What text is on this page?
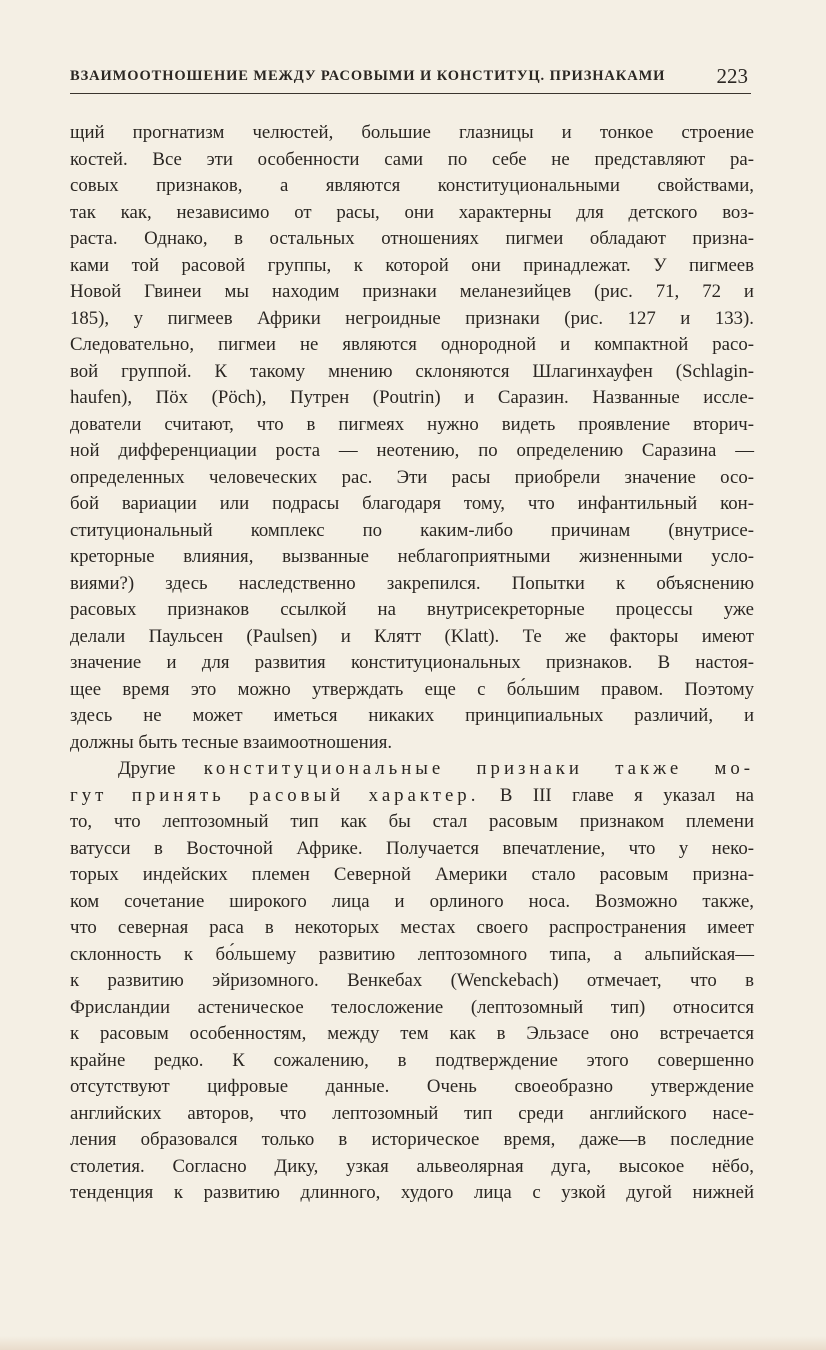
ВЗАИМООТНОШЕНИЕ МЕЖДУ РАСОВЫМИ И КОНСТИТУЦ. ПРИЗНАКАМИ 223
щий прогнатизм челюстей, большие глазницы и тонкое строение
костей. Все эти особенности сами по себе не представляют ра-
совых признаков, а являются конституциональными свойствами,
так как, независимо от расы, они характерны для детского воз-
раста. Однако, в остальных отношениях пигмеи обладают призна-
ками той расовой группы, к которой они принадлежат. У пигмеев
Новой Гвинеи мы находим признаки меланезийцев (рис. 71, 72 и
185), у пигмеев Африки негроидные признаки (рис. 127 и 133).
Следовательно, пигмеи не являются однородной и компактной расо-
вой группой. К такому мнению склоняются Шлагинхауфен (Schlagin-
haufen), Пöх (Pöch), Путрен (Poutrin) и Саразин. Названные иссле-
дователи считают, что в пигмеях нужно видеть проявление вторич-
ной дифференциации роста — неотению, по определению Саразина —
определенных человеческих рас. Эти расы приобрели значение осо-
бой вариации или подрасы благодаря тому, что инфантильный кон-
ституциональный комплекс по каким-либо причинам (внутрисе-
креторные влияния, вызванные неблагоприятными жизненными усло-
виями?) здесь наследственно закрепился. Попытки к объяснению
расовых признаков ссылкой на внутрисекреторные процессы уже
делали Паульсен (Paulsen) и Клятт (Klatt). Те же факторы имеют
значение и для развития конституциональных признаков. В настоя-
щее время это можно утверждать еще с бо́льшим правом. Поэтому
здесь не может иметься никаких принципиальных различий, и
должны быть тесные взаимоотношения.
Другие конституциональные признаки также мо-
гут принять расовый характер. В III главе я указал на
то, что лептозомный тип как бы стал расовым признаком племени
ватусси в Восточной Африке. Получается впечатление, что у неко-
торых индейских племен Северной Америки стало расовым призна-
ком сочетание широкого лица и орлиного носа. Возможно также,
что северная раса в некоторых местах своего распространения имеет
склонность к бо́льшему развитию лептозомного типа, а альпийская—
к развитию эйризомного. Венкебах (Wenckebach) отмечает, что в
Фрисландии астеническое телосложение (лептозомный тип) относится
к расовым особенностям, между тем как в Эльзасе оно встречается
крайне редко. К сожалению, в подтверждение этого совершенно
отсутствуют цифровые данные. Очень своеобразно утверждение
английских авторов, что лептозомный тип среди английского насе-
ления образовался только в историческое время, даже—в последние
столетия. Согласно Дику, узкая альвеолярная дуга, высокое нёбо,
тенденция к развитию длинного, худого лица с узкой дугой нижней
